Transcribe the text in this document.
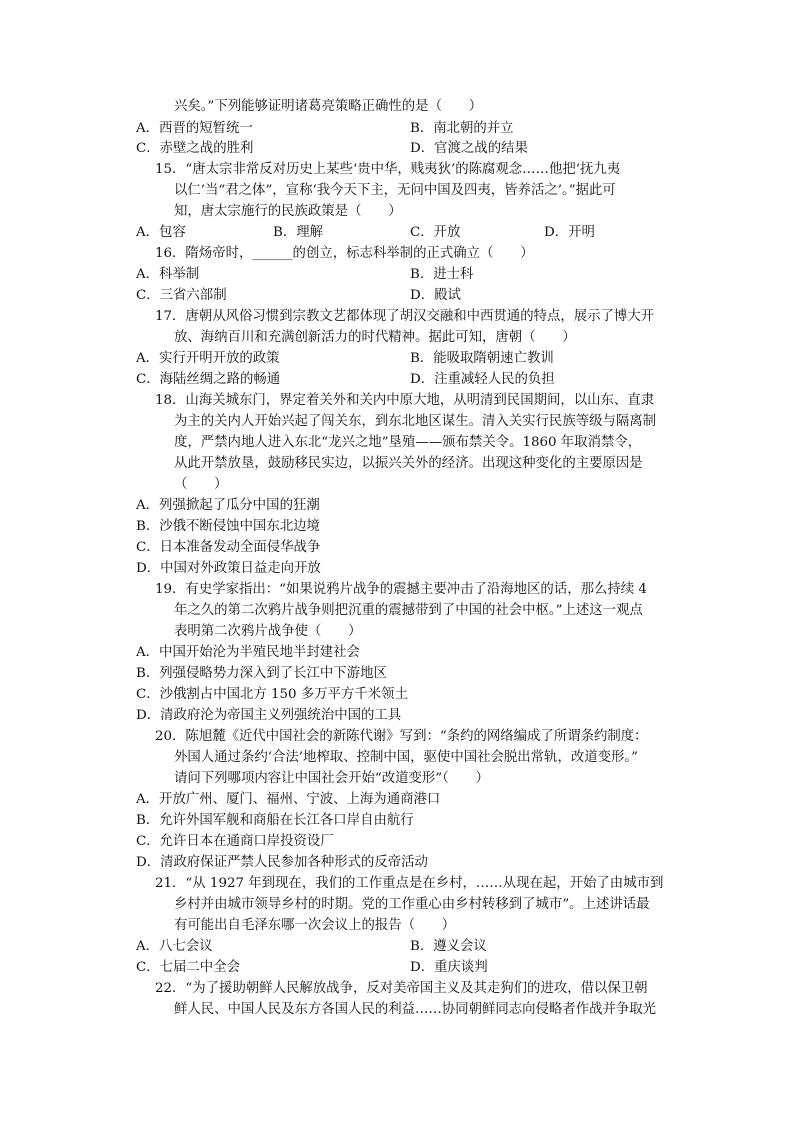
兴矣。”下列能够证明诸葛亮策略正确性的是（　　）
A．西晋的短暂统一	B．南北朝的并立
C．赤壁之战的胜利	D．官渡之战的结果
15．“唐太宗非常反对历史上某些‘贵中华，贱夷狄’的陈腐观念……他把‘抚九夷
以仁’当“君之体”，宣称‘我今天下主，无问中国及四夷，皆养活之’。”据此可
知，唐太宗施行的民族政策是（　　）
A．包容	B．理解	C．开放	D．开明
16．隋炀帝时，______的创立，标志科举制的正式确立（　　）
A．科举制	B．进士科
C．三省六部制	D．殿试
17．唐朝从风俗习惯到宗教文艺都体现了胡汉交融和中西贯通的特点，展示了博大开
放、海纳百川和充满创新活力的时代精神。据此可知，唐朝（　　）
A．实行开明开放的政策	B．能吸取隋朝速亡教训
C．海陆丝绸之路的畅通	D．注重减轻人民的负担
18．山海关城东门，界定着关外和关内中原大地，从明清到民国期间，以山东、直隶
为主的关内人开始兴起了闯关东，到东北地区谋生。清入关实行民族等级与隔离制
度，严禁内地人进入东北“龙兴之地”垦殖——颁布禁关令。1860 年取消禁令，
从此开禁放垦，鼓励移民实边，以振兴关外的经济。出现这种变化的主要原因是
（　　）
A．列强掀起了瓜分中国的狂潮
B．沙俄不断侵蚀中国东北边境
C．日本准备发动全面侵华战争
D．中国对外政策日益走向开放
19．有史学家指出：“如果说鸦片战争的震撼主要冲击了沿海地区的话，那么持续 4
年之久的第二次鸦片战争则把沉重的震撼带到了中国的社会中枢。”上述这一观点
表明第二次鸦片战争使（　　）
A．中国开始沦为半殖民地半封建社会
B．列强侵略势力深入到了长江中下游地区
C．沙俄割占中国北方 150 多万平方千米领土
D．清政府沦为帝国主义列强统治中国的工具
20．陈旭麓《近代中国社会的新陈代谢》写到：“条约的网络编成了所谓条约制度：
外国人通过条约‘合法’地榨取、控制中国，驱使中国社会脱出常轨，改道变形。”
请问下列哪项内容让中国社会开始“改道变形”（　　）
A．开放广州、厦门、福州、宁波、上海为通商港口
B．允许外国军舰和商船在长江各口岸自由航行
C．允许日本在通商口岸投资设厂
D．清政府保证严禁人民参加各种形式的反帝活动
21．“从 1927 年到现在，我们的工作重点是在乡村，……从现在起，开始了由城市到
乡村并由城市领导乡村的时期。党的工作重心由乡村转移到了城市”。上述讲话最
有可能出自毛泽东哪一次会议上的报告（　　）
A．八七会议	B．遵义会议
C．七届二中全会	D．重庆谈判
22．“为了援助朝鲜人民解放战争，反对美帝国主义及其走狗们的进攻，借以保卫朝
鲜人民、中国人民及东方各国人民的利益……协同朝鲜同志向侵略者作战并争取光
